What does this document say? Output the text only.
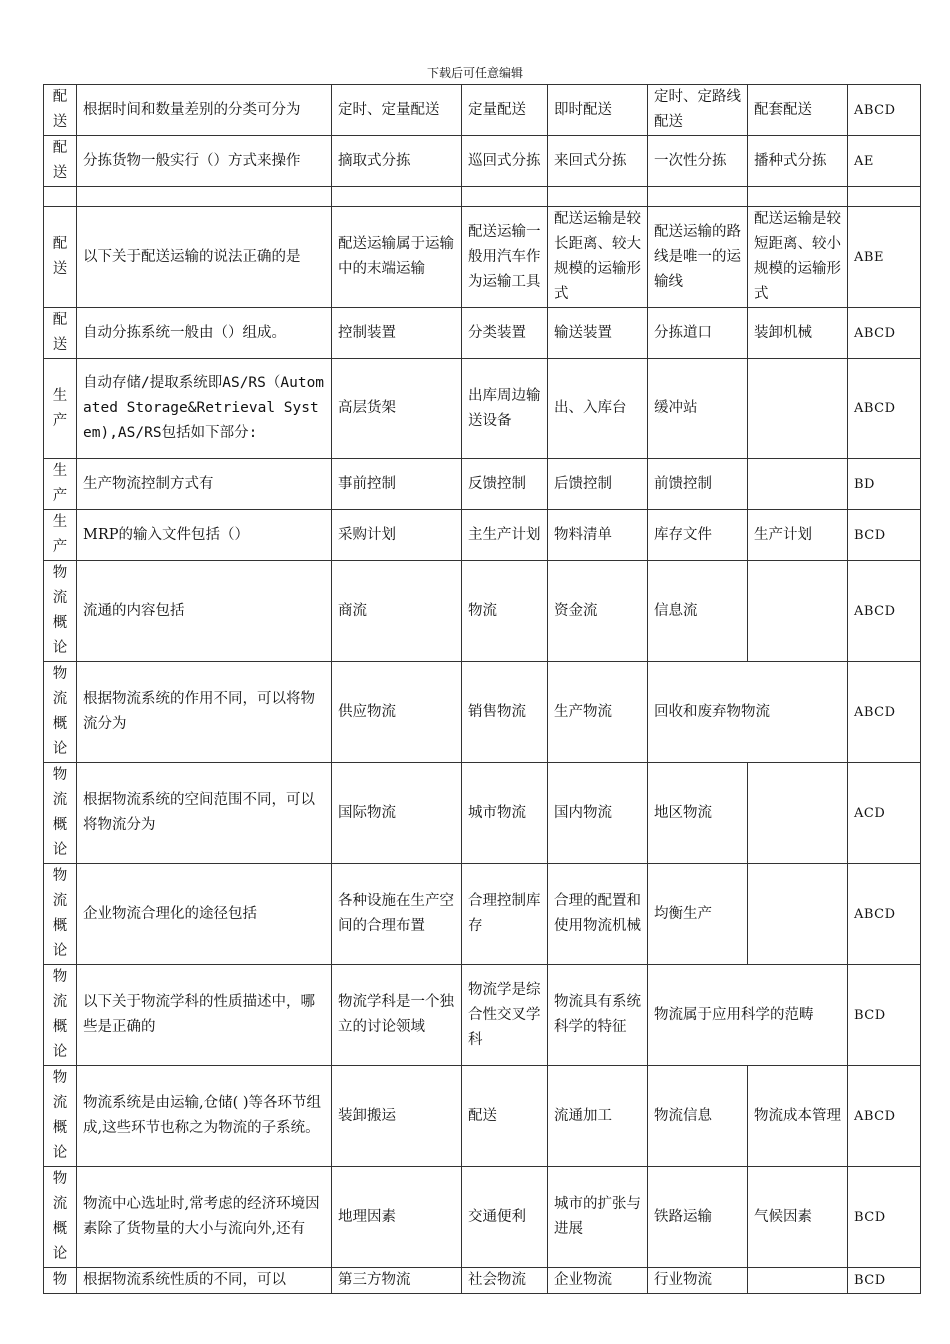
下载后可任意编辑
配送	根据时间和数量差别的分类可分为	定时、定量配送	定量配送	即时配送	定时、定路线配送	配套配送	ABCD
配送	分拣货物一般实行（）方式来操作	摘取式分拣	巡回式分拣	来回式分拣	一次性分拣	播种式分拣	AE

配送	以下关于配送运输的说法正确的是	配送运输属于运输中的末端运输	配送运输一般用汽车作为运输工具	配送运输是较长距离、较大规模的运输形式	配送运输的路线是唯一的运输线	配送运输是较短距离、较小规模的运输形式	ABE
配送	自动分拣系统一般由（）组成。	控制装置	分类装置	输送装置	分拣道口	装卸机械	ABCD
生产	自动存储/提取系统即AS/RS（Automated Storage&Retrieval System),AS/RS包括如下部分:	高层货架	出库周边输送设备	出、入库台	缓冲站		ABCD
生产	生产物流控制方式有	事前控制	反馈控制	后馈控制	前馈控制		BD
生产	MRP的输入文件包括（）	采购计划	主生产计划	物料清单	库存文件	生产计划	BCD
物流概论	流通的内容包括	商流	物流	资金流	信息流		ABCD
物流概论	根据物流系统的作用不同，可以将物流分为	供应物流	销售物流	生产物流	回收和废弃物物流		ABCD
物流概论	根据物流系统的空间范围不同，可以将物流分为	国际物流	城市物流	国内物流	地区物流		ACD
物流概论	企业物流合理化的途径包括	各种设施在生产空间的合理布置	合理控制库存	合理的配置和使用物流机械	均衡生产		ABCD
物流概论	以下关于物流学科的性质描述中，哪些是正确的	物流学科是一个独立的讨论领域	物流学是综合性交叉学科	物流具有系统科学的特征	物流属于应用科学的范畴		BCD
物流概论	物流系统是由运输,仓储( )等各环节组成,这些环节也称之为物流的子系统。	装卸搬运	配送	流通加工	物流信息	物流成本管理	ABCD
物流概论	物流中心选址时,常考虑的经济环境因素除了货物量的大小与流向外,还有	地理因素	交通便利	城市的扩张与进展	铁路运输	气候因素	BCD
物	根据物流系统性质的不同，可以	第三方物流	社会物流	企业物流	行业物流		BCD
